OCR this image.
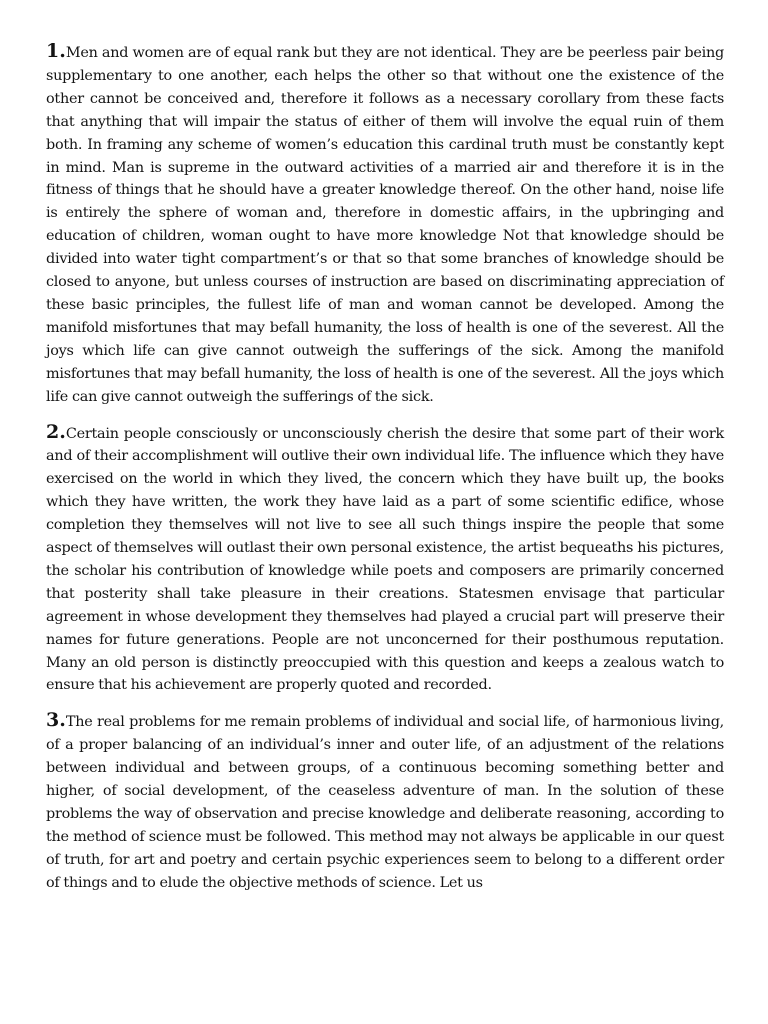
1.Men and women are of equal rank but they are not identical. They are be peerless pair being supplementary to one another, each helps the other so that without one the existence of the other cannot be conceived and, therefore it follows as a necessary corollary from these facts that anything that will impair the status of either of them will involve the equal ruin of them both. In framing any scheme of women’s education this cardinal truth must be constantly kept in mind. Man is supreme in the outward activities of a married air and therefore it is in the fitness of things that he should have a greater knowledge thereof. On the other hand, noise life is entirely the sphere of woman and, therefore in domestic affairs, in the upbringing and education of children, woman ought to have more knowledge Not that knowledge should be divided into water tight compartment’s or that so that some branches of knowledge should be closed to anyone, but unless courses of instruction are based on discriminating appreciation of these basic principles, the fullest life of man and woman cannot be developed. Among the manifold misfortunes that may befall humanity, the loss of health is one of the severest. All the joys which life can give cannot outweigh the sufferings of the sick. Among the manifold misfortunes that may befall humanity, the loss of health is one of the severest. All the joys which life can give cannot outweigh the sufferings of the sick.

2.Certain people consciously or unconsciously cherish the desire that some part of their work and of their accomplishment will outlive their own individual life. The influence which they have exercised on the world in which they lived, the concern which they have built up, the books which they have written, the work they have laid as a part of some scientific edifice, whose completion they themselves will not live to see all such things inspire the people that some aspect of themselves will outlast their own personal existence, the artist bequeaths his pictures, the scholar his contribution of knowledge while poets and composers are primarily concerned that posterity shall take pleasure in their creations. Statesmen envisage that particular agreement in whose development they themselves had played a crucial part will preserve their names for future generations. People are not unconcerned for their posthumous reputation. Many an old person is distinctly preoccupied with this question and keeps a zealous watch to ensure that his achievement are properly quoted and recorded.

3.The real problems for me remain problems of individual and social life, of harmonious living, of a proper balancing of an individual’s inner and outer life, of an adjustment of the relations between individual and between groups, of a continuous becoming something better and higher, of social development, of the ceaseless adventure of man. In the solution of these problems the way of observation and precise knowledge and deliberate reasoning, according to the method of science must be followed. This method may not always be applicable in our quest of truth, for art and poetry and certain psychic experiences seem to belong to a different order of things and to elude the objective methods of science. Let us
